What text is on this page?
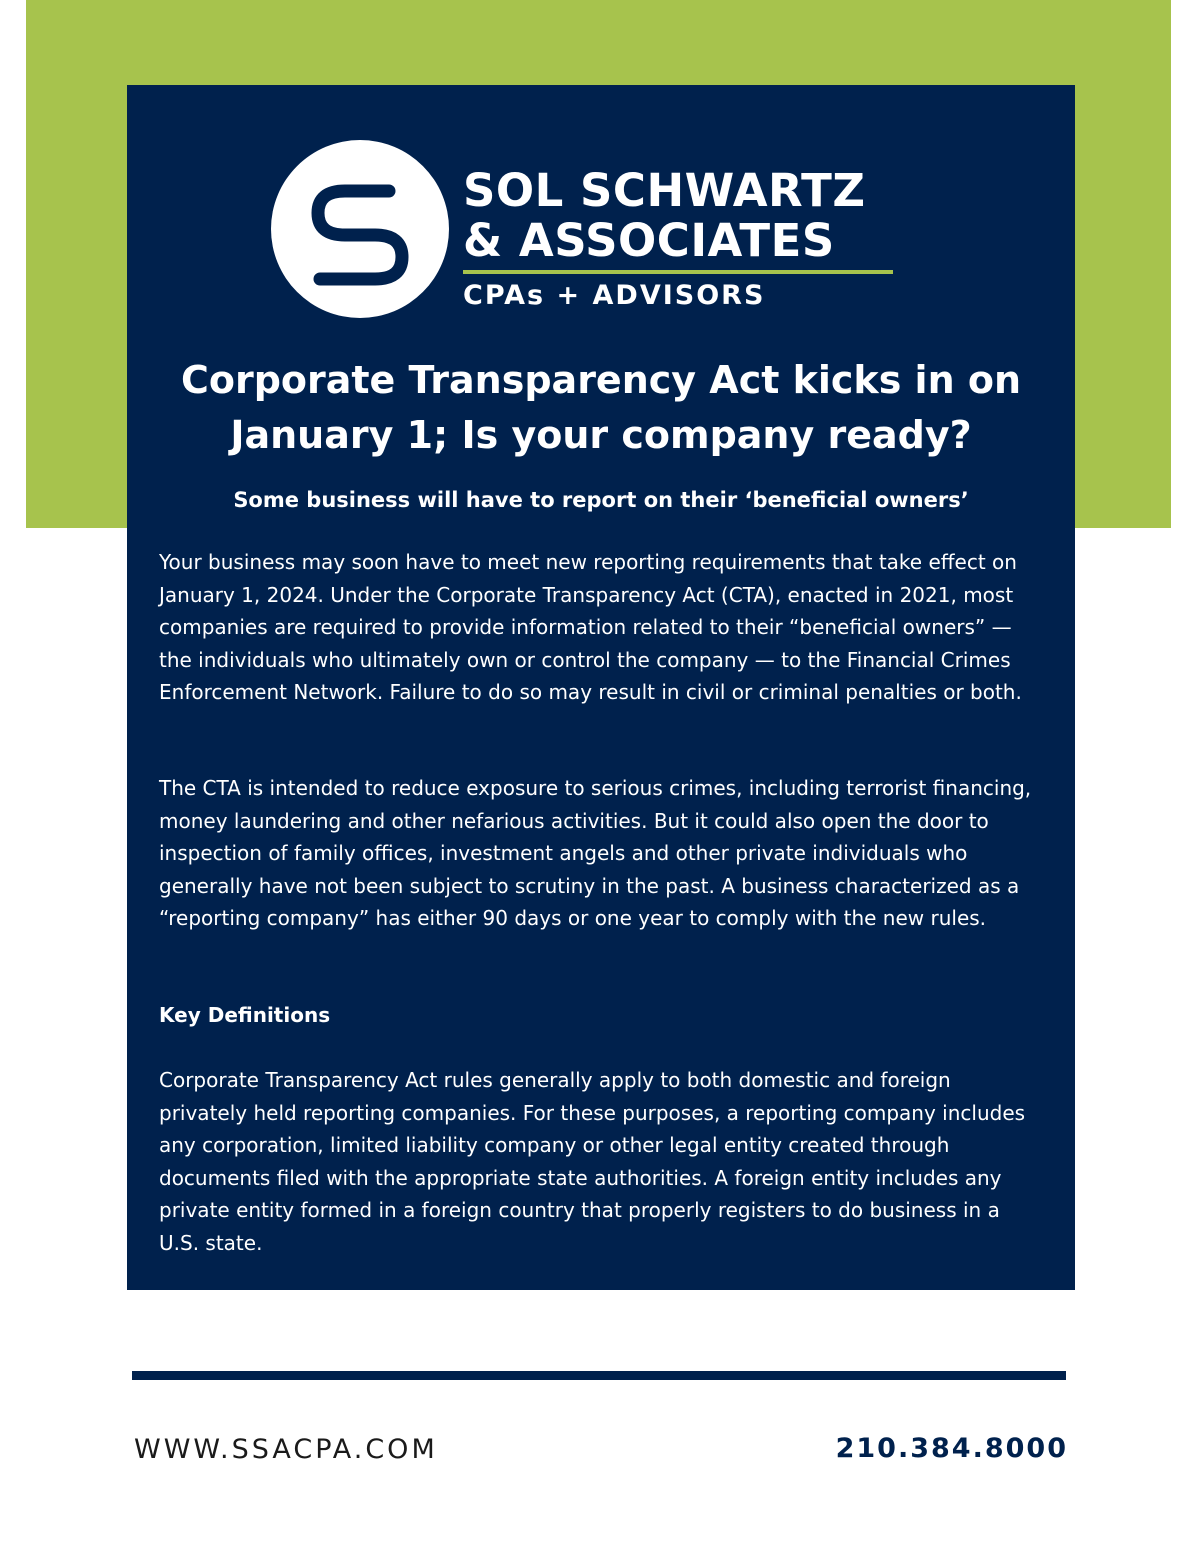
SOL SCHWARTZ
& ASSOCIATES
CPAs + ADVISORS
Corporate Transparency Act kicks in on January 1; Is your company ready?
Some business will have to report on their ‘beneficial owners’

Your business may soon have to meet new reporting requirements that take effect on January 1, 2024. Under the Corporate Transparency Act (CTA), enacted in 2021, most companies are required to provide information related to their “beneficial owners” — the individuals who ultimately own or control the company — to the Financial Crimes Enforcement Network. Failure to do so may result in civil or criminal penalties or both.

The CTA is intended to reduce exposure to serious crimes, including terrorist financing, money laundering and other nefarious activities. But it could also open the door to inspection of family offices, investment angels and other private individuals who generally have not been subject to scrutiny in the past. A business characterized as a “reporting company” has either 90 days or one year to comply with the new rules.

Key Definitions

Corporate Transparency Act rules generally apply to both domestic and foreign privately held reporting companies. For these purposes, a reporting company includes any corporation, limited liability company or other legal entity created through documents filed with the appropriate state authorities. A foreign entity includes any private entity formed in a foreign country that properly registers to do business in a U.S. state.

WWW.SSACPA.COM	210.384.8000
